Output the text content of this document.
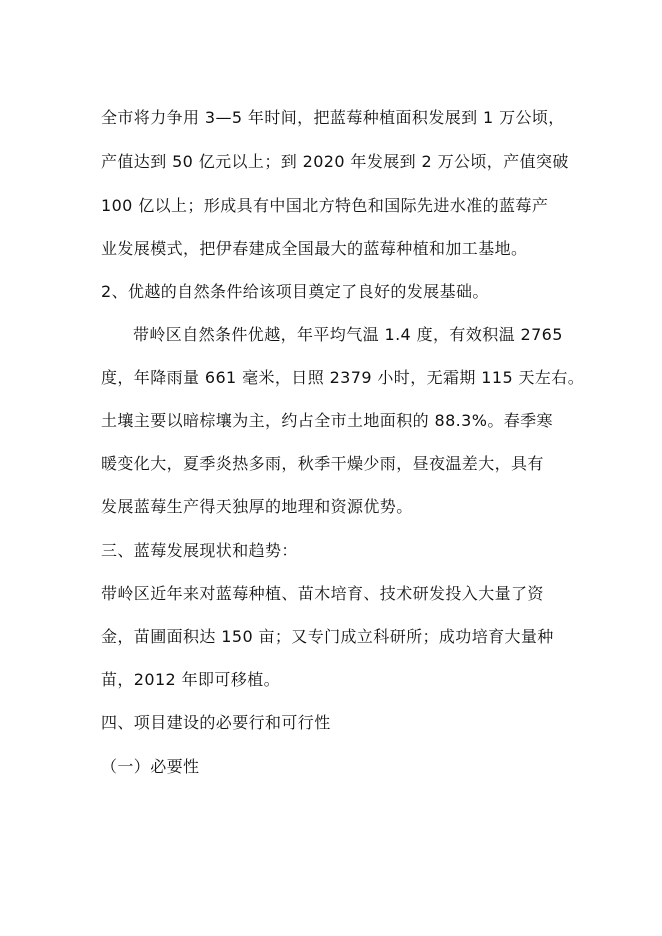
全市将力争用 3—5 年时间，把蓝莓种植面积发展到 1 万公顷，
产值达到 50 亿元以上；到 2020 年发展到 2 万公顷，产值突破
100 亿以上；形成具有中国北方特色和国际先进水准的蓝莓产
业发展模式，把伊春建成全国最大的蓝莓种植和加工基地。
2、优越的自然条件给该项目奠定了良好的发展基础。
带岭区自然条件优越，年平均气温 1.4 度，有效积温 2765
度，年降雨量 661 毫米，日照 2379 小时，无霜期 115 天左右。
土壤主要以暗棕壤为主，约占全市土地面积的 88.3%。春季寒
暖变化大，夏季炎热多雨，秋季干燥少雨，昼夜温差大，具有
发展蓝莓生产得天独厚的地理和资源优势。
三、蓝莓发展现状和趋势：
带岭区近年来对蓝莓种植、苗木培育、技术研发投入大量了资
金，苗圃面积达 150 亩；又专门成立科研所；成功培育大量种
苗，2012 年即可移植。
四、项目建设的必要行和可行性
（一）必要性
